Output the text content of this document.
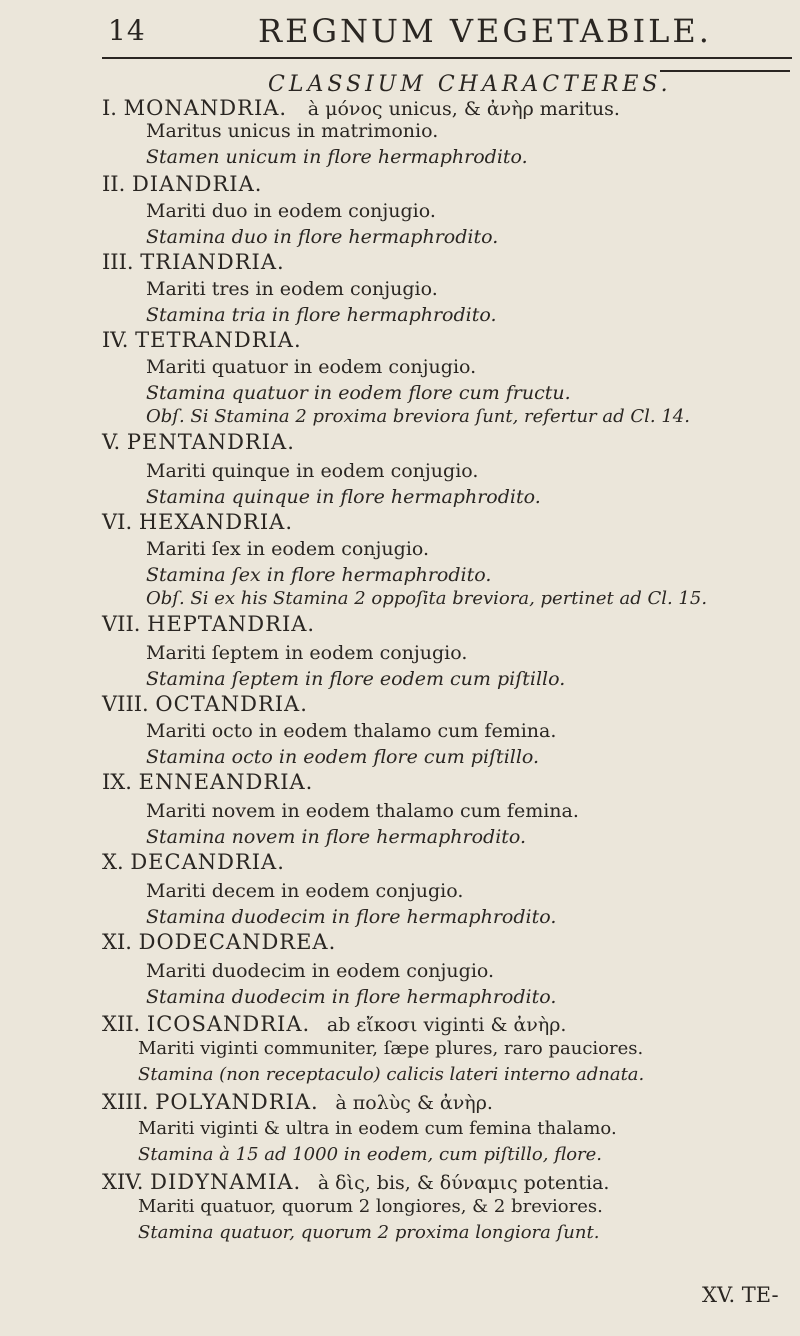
14	REGNUM VEGETABILE.
CLASSIUM CHARACTERES.
I. MONANDRIA. à μόνος unicus, & ἀνὴρ maritus.
Maritus unicus in matrimonio.
Stamen unicum in flore hermaphrodito.
II. DIANDRIA.
Mariti duo in eodem conjugio.
Stamina duo in flore hermaphrodito.
III. TRIANDRIA.
Mariti tres in eodem conjugio.
Stamina tria in flore hermaphrodito.
IV. TETRANDRIA.
Mariti quatuor in eodem conjugio.
Stamina quatuor in eodem flore cum fructu.
Obſ. Si Stamina 2 proxima breviora ſunt, refertur ad Cl. 14.
V. PENTANDRIA.
Mariti quinque in eodem conjugio.
Stamina quinque in flore hermaphrodito.
VI. HEXANDRIA.
Mariti ſex in eodem conjugio.
Stamina ſex in flore hermaphrodito.
Obſ. Si ex his Stamina 2 oppoſita breviora, pertinet ad Cl. 15.
VII. HEPTANDRIA.
Mariti ſeptem in eodem conjugio.
Stamina ſeptem in flore eodem cum piſtillo.
VIII. OCTANDRIA.
Mariti octo in eodem thalamo cum femina.
Stamina octo in eodem flore cum piſtillo.
IX. ENNEANDRIA.
Mariti novem in eodem thalamo cum femina.
Stamina novem in flore hermaphrodito.
X. DECANDRIA.
Mariti decem in eodem conjugio.
Stamina duodecim in flore hermaphrodito.
XI. DODECANDREA.
Mariti duodecim in eodem conjugio.
Stamina duodecim in flore hermaphrodito.
XII. ICOSANDRIA. ab εἴκοσι viginti & ἀνὴρ.
Mariti viginti communiter, ſæpe plures, raro pauciores.
Stamina (non receptaculo) calicis lateri interno adnata.
XIII. POLYANDRIA. à πολὺς & ἀνὴρ.
Mariti viginti & ultra in eodem cum femina thalamo.
Stamina à 15 ad 1000 in eodem, cum piſtillo, flore.
XIV. DIDYNAMIA. à δὶς, bis, & δύναμις potentia.
Mariti quatuor, quorum 2 longiores, & 2 breviores.
Stamina quatuor, quorum 2 proxima longiora ſunt.
XV. TE-
